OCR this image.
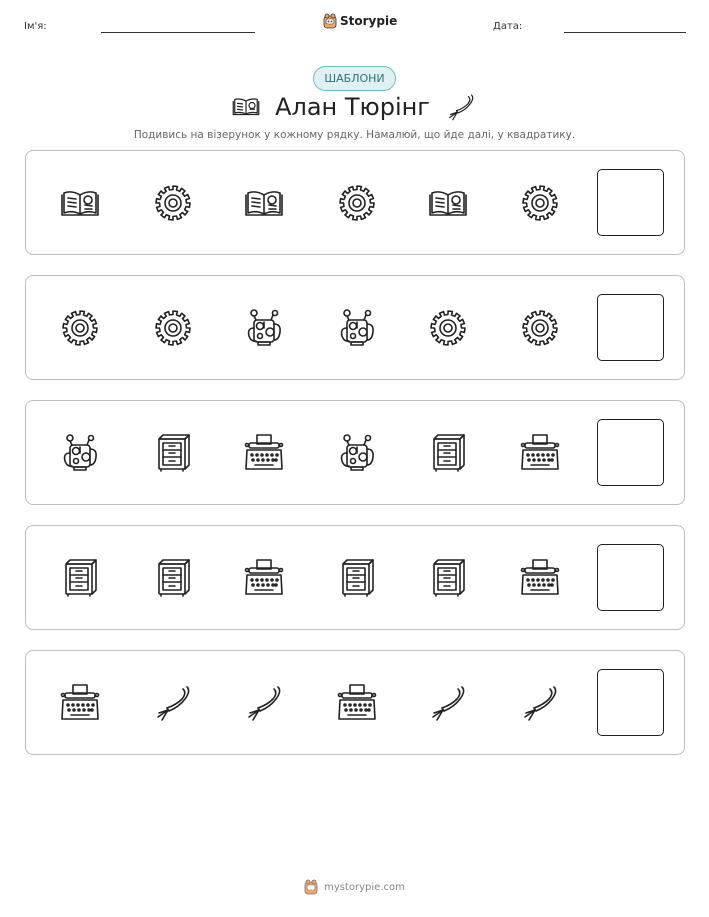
Ім'я:	Storypie	Дата:
ШАБЛОНИ
Алан Тюрінг
Подивись на візерунок у кожному рядку. Намалюй, що йде далі, у квадратику.
mystorypie.com
